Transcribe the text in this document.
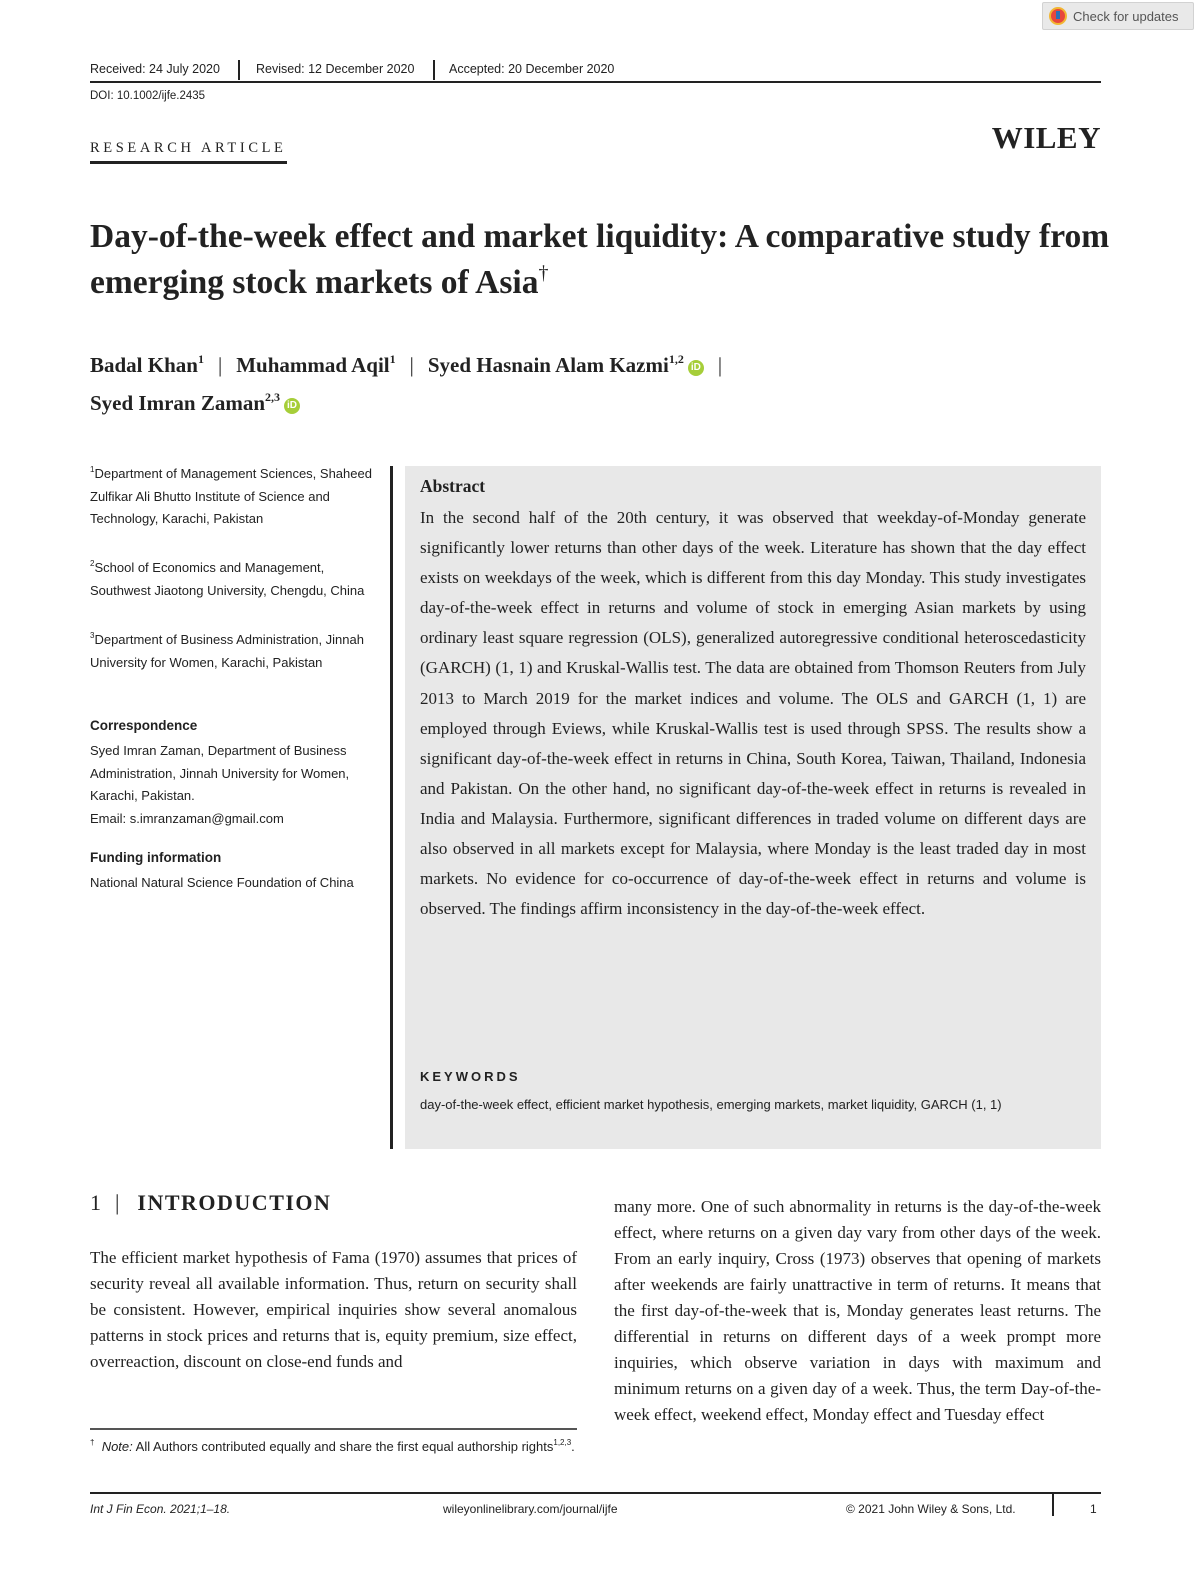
Check for updates
Received: 24 July 2020	Revised: 12 December 2020	Accepted: 20 December 2020
DOI: 10.1002/ijfe.2435
RESEARCH ARTICLE	WILEY
Day-of-the-week effect and market liquidity: A comparative study from emerging stock markets of Asia†
Badal Khan$^1$ | Muhammad Aqil$^1$ | Syed Hasnain Alam Kazmi$^{1,2}$iD |
Syed Imran Zaman$^{2,3}$iD
$^1$Department of Management Sciences, Shaheed Zulfikar Ali Bhutto Institute of Science and Technology, Karachi, Pakistan
$^2$School of Economics and Management, Southwest Jiaotong University, Chengdu, China
$^3$Department of Business Administration, Jinnah University for Women, Karachi, Pakistan
Correspondence
Syed Imran Zaman, Department of Business Administration, Jinnah University for Women, Karachi, Pakistan.
Email: s.imranzaman@gmail.com
Funding information
National Natural Science Foundation of China
Abstract
In the second half of the 20th century, it was observed that weekday-of-Monday generate significantly lower returns than other days of the week. Literature has shown that the day effect exists on weekdays of the week, which is different from this day Monday. This study investigates day-of-the-week effect in returns and volume of stock in emerging Asian markets by using ordinary least square regression (OLS), generalized autoregressive conditional heteroscedasticity (GARCH) (1, 1) and Kruskal-Wallis test. The data are obtained from Thomson Reuters from July 2013 to March 2019 for the market indices and volume. The OLS and GARCH (1, 1) are employed through Eviews, while Kruskal-Wallis test is used through SPSS. The results show a significant day-of-the-week effect in returns in China, South Korea, Taiwan, Thailand, Indonesia and Pakistan. On the other hand, no significant day-of-the-week effect in returns is revealed in India and Malaysia. Furthermore, significant differences in traded volume on different days are also observed in all markets except for Malaysia, where Monday is the least traded day in most markets. No evidence for co-occurrence of day-of-the-week effect in returns and volume is observed. The findings affirm inconsistency in the day-of-the-week effect.
KEYWORDS
day-of-the-week effect, efficient market hypothesis, emerging markets, market liquidity, GARCH (1, 1)
1 | INTRODUCTION
The efficient market hypothesis of Fama (1970) assumes that prices of security reveal all available information. Thus, return on security shall be consistent. However, empirical inquiries show several anomalous patterns in stock prices and returns that is, equity premium, size effect, overreaction, discount on close-end funds and
many more. One of such abnormality in returns is the day-of-the-week effect, where returns on a given day vary from other days of the week. From an early inquiry, Cross (1973) observes that opening of markets after weekends are fairly unattractive in term of returns. It means that the first day-of-the-week that is, Monday generates least returns. The differential in returns on different days of a week prompt more inquiries, which observe variation in days with maximum and minimum returns on a given day of a week. Thus, the term Day-of-the-week effect, weekend effect, Monday effect and Tuesday effect
† Note: All Authors contributed equally and share the first equal authorship rights$^{1,2,3}$.
Int J Fin Econ. 2021;1–18.	wileyonlinelibrary.com/journal/ijfe	© 2021 John Wiley & Sons, Ltd.	1
